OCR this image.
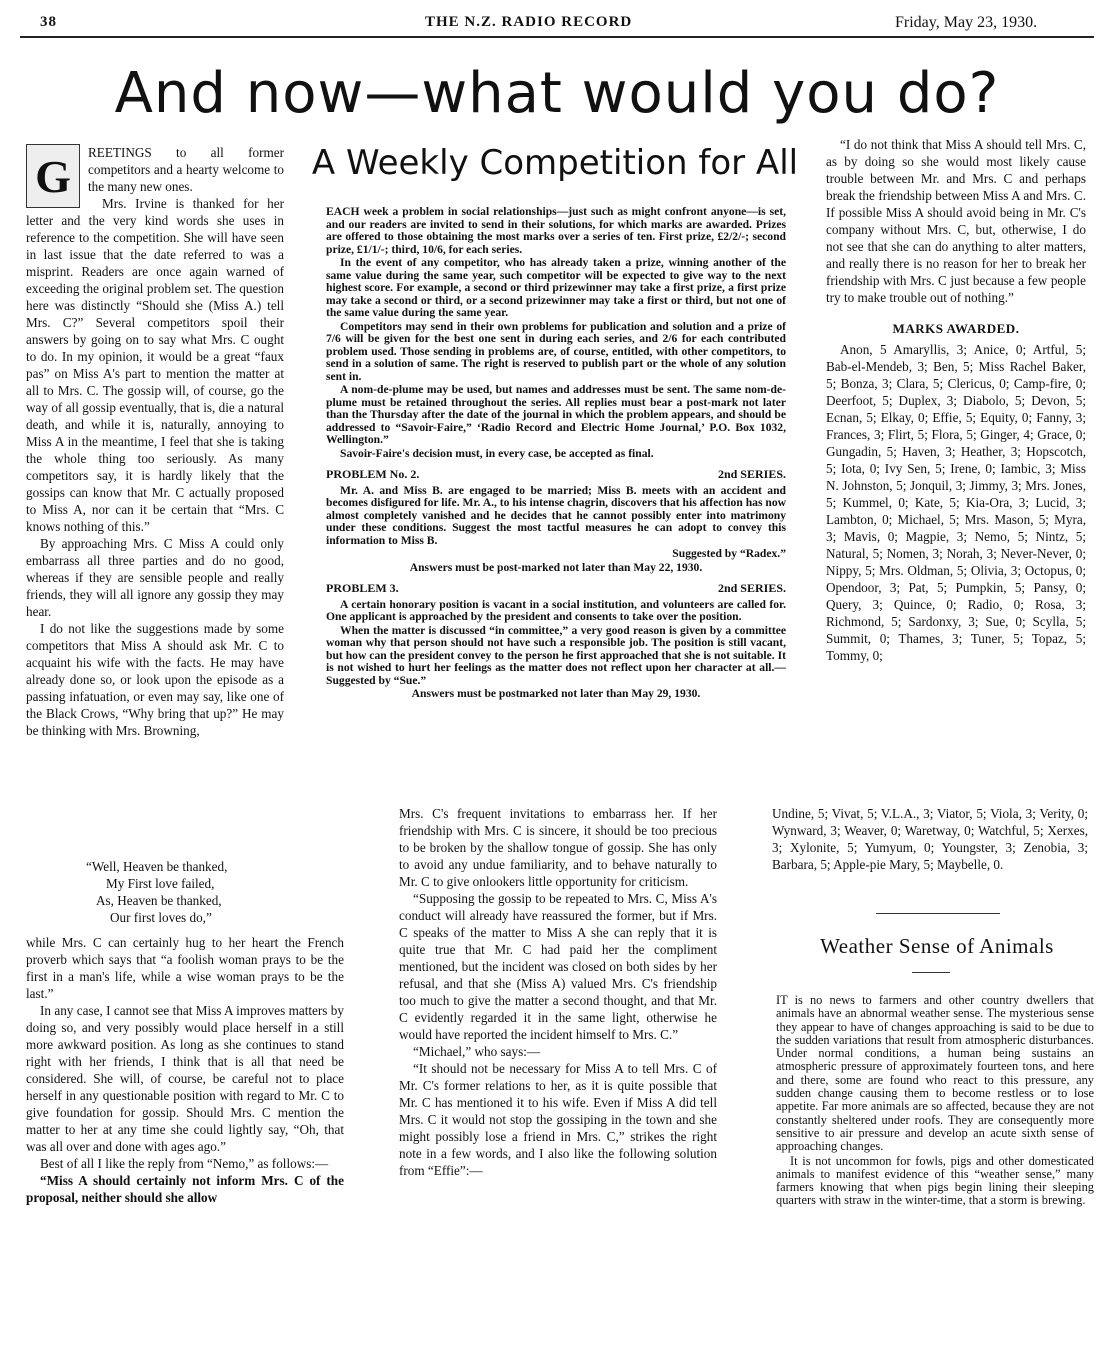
38	THE N.Z. RADIO RECORD	Friday, May 23, 1930.
And now—what would you do?
A Weekly Competition for All
G	REETINGS to all former competitors and a hearty welcome to the many new ones.

Mrs. Irvine is thanked for her letter and the very kind words she uses in reference to the competition. She will have seen in last issue that the date referred to was a misprint. Readers are once again warned of exceeding the original problem set. The question here was distinctly “Should she (Miss A.) tell Mrs. C?” Several competitors spoil their answers by going on to say what Mrs. C ought to do. In my opinion, it would be a great “faux pas” on Miss A's part to mention the matter at all to Mrs. C. The gossip will, of course, go the way of all gossip eventually, that is, die a natural death, and while it is, naturally, annoying to Miss A in the meantime, I feel that she is taking the whole thing too seriously. As many competitors say, it is hardly likely that the gossips can know that Mr. C actually proposed to Miss A, nor can it be certain that “Mrs. C knows nothing of this.”

By approaching Mrs. C Miss A could only embarrass all three parties and do no good, whereas if they are sensible people and really friends, they will all ignore any gossip they may hear.

I do not like the suggestions made by some competitors that Miss A should ask Mr. C to acquaint his wife with the facts. He may have already done so, or look upon the episode as a passing infatuation, or even may say, like one of the Black Crows, “Why bring that up?” He may be thinking with Mrs. Browning,

“Well, Heaven be thanked,

My First love failed,

As, Heaven be thanked,

Our first loves do,”

while Mrs. C can certainly hug to her heart the French proverb which says that “a foolish woman prays to be the first in a man's life, while a wise woman prays to be the last.”

In any case, I cannot see that Miss A improves matters by doing so, and very possibly would place herself in a still more awkward position. As long as she continues to stand right with her friends, I think that is all that need be considered. She will, of course, be careful not to place herself in any questionable position with regard to Mr. C to give foundation for gossip. Should Mrs. C mention the matter to her at any time she could lightly say, “Oh, that was all over and done with ages ago.”

Best of all I like the reply from “Nemo,” as follows:—

“Miss A should certainly not inform Mrs. C of the proposal, neither should she allow

EACH week a problem in social relationships—just such as might confront anyone—is set, and our readers are invited to send in their solutions, for which marks are awarded. Prizes are offered to those obtaining the most marks over a series of ten. First prize, £2/2/-; second prize, £1/1/-; third, 10/6, for each series.

In the event of any competitor, who has already taken a prize, winning another of the same value during the same year, such competitor will be expected to give way to the next highest score. For example, a second or third prizewinner may take a first prize, a first prize may take a second or third, or a second prizewinner may take a first or third, but not one of the same value during the same year.

Competitors may send in their own problems for publication and solution and a prize of 7/6 will be given for the best one sent in during each series, and 2/6 for each contributed problem used. Those sending in problems are, of course, entitled, with other competitors, to send in a solution of same. The right is reserved to publish part or the whole of any solution sent in.

A nom-de-plume may be used, but names and addresses must be sent. The same nom-de-plume must be retained throughout the series. All replies must bear a post-mark not later than the Thursday after the date of the journal in which the problem appears, and should be addressed to “Savoir-Faire,” ‘Radio Record and Electric Home Journal,’ P.O. Box 1032, Wellington.”

Savoir-Faire's decision must, in every case, be accepted as final.

PROBLEM No. 2.	2nd SERIES.

Mr. A. and Miss B. are engaged to be married; Miss B. meets with an accident and becomes disfigured for life. Mr. A., to his intense chagrin, discovers that his affection has now almost completely vanished and he decides that he cannot possibly enter into matrimony under these conditions. Suggest the most tactful measures he can adopt to convey this information to Miss B.

Suggested by “Radex.”

Answers must be post-marked not later than May 22, 1930.

PROBLEM 3.	2nd SERIES.

A certain honorary position is vacant in a social institution, and volunteers are called for. One applicant is approached by the president and consents to take over the position.

When the matter is discussed “in committee,” a very good reason is given by a committee woman why that person should not have such a responsible job. The position is still vacant, but how can the president convey to the person he first approached that she is not suitable. It is not wished to hurt her feelings as the matter does not reflect upon her character at all.—Suggested by “Sue.”

Answers must be postmarked not later than May 29, 1930.

Mrs. C's frequent invitations to embarrass her. If her friendship with Mrs. C is sincere, it should be too precious to be broken by the shallow tongue of gossip. She has only to avoid any undue familiarity, and to behave naturally to Mr. C to give onlookers little opportunity for criticism.

“Supposing the gossip to be repeated to Mrs. C, Miss A's conduct will already have reassured the former, but if Mrs. C speaks of the matter to Miss A she can reply that it is quite true that Mr. C had paid her the compliment mentioned, but the incident was closed on both sides by her refusal, and that she (Miss A) valued Mrs. C's friendship too much to give the matter a second thought, and that Mr. C evidently regarded it in the same light, otherwise he would have reported the incident himself to Mrs. C.”

“Michael,” who says:—

“It should not be necessary for Miss A to tell Mrs. C of Mr. C's former relations to her, as it is quite possible that Mr. C has mentioned it to his wife. Even if Miss A did tell Mrs. C it would not stop the gossiping in the town and she might possibly lose a friend in Mrs. C,” strikes the right note in a few words, and I also like the following solution from “Effie”:—

“I do not think that Miss A should tell Mrs. C, as by doing so she would most likely cause trouble between Mr. and Mrs. C and perhaps break the friendship between Miss A and Mrs. C. If possible Miss A should avoid being in Mr. C's company without Mrs. C, but, otherwise, I do not see that she can do anything to alter matters, and really there is no reason for her to break her friendship with Mrs. C just because a few people try to make trouble out of nothing.”

MARKS AWARDED.

Anon, 5 Amaryllis, 3; Anice, 0; Artful, 5; Bab-el-Mendeb, 3; Ben, 5; Miss Rachel Baker, 5; Bonza, 3; Clara, 5; Clericus, 0; Camp-fire, 0; Deerfoot, 5; Duplex, 3; Diabolo, 5; Devon, 5; Ecnan, 5; Elkay, 0; Effie, 5; Equity, 0; Fanny, 3; Frances, 3; Flirt, 5; Flora, 5; Ginger, 4; Grace, 0; Gungadin, 5; Haven, 3; Heather, 3; Hopscotch, 5; Iota, 0; Ivy Sen, 5; Irene, 0; Iambic, 3; Miss N. Johnston, 5; Jonquil, 3; Jimmy, 3; Mrs. Jones, 5; Kummel, 0; Kate, 5; Kia-Ora, 3; Lucid, 3; Lambton, 0; Michael, 5; Mrs. Mason, 5; Myra, 3; Mavis, 0; Magpie, 3; Nemo, 5; Nintz, 5; Natural, 5; Nomen, 3; Norah, 3; Never-Never, 0; Nippy, 5; Mrs. Oldman, 5; Olivia, 3; Octopus, 0; Opendoor, 3; Pat, 5; Pumpkin, 5; Pansy, 0; Query, 3; Quince, 0; Radio, 0; Rosa, 3; Richmond, 5; Sardonxy, 3; Sue, 0; Scylla, 5; Summit, 0; Thames, 3; Tuner, 5; Topaz, 5; Tommy, 0;

Undine, 5; Vivat, 5; V.L.A., 3; Viator, 5; Viola, 3; Verity, 0; Wynward, 3; Weaver, 0; Waretway, 0; Watchful, 5; Xerxes, 3; Xylonite, 5; Yumyum, 0; Youngster, 3; Zenobia, 3; Barbara, 5; Apple-pie Mary, 5; Maybelle, 0.

Weather Sense of Animals

IT is no news to farmers and other country dwellers that animals have an abnormal weather sense. The mysterious sense they appear to have of changes approaching is said to be due to the sudden variations that result from atmospheric disturbances. Under normal conditions, a human being sustains an atmospheric pressure of approximately fourteen tons, and here and there, some are found who react to this pressure, any sudden change causing them to become restless or to lose appetite. Far more animals are so affected, because they are not constantly sheltered under roofs. They are consequently more sensitive to air pressure and develop an acute sixth sense of approaching changes.

It is not uncommon for fowls, pigs and other domesticated animals to manifest evidence of this “weather sense,” many farmers knowing that when pigs begin lining their sleeping quarters with straw in the winter-time, that a storm is brewing.
